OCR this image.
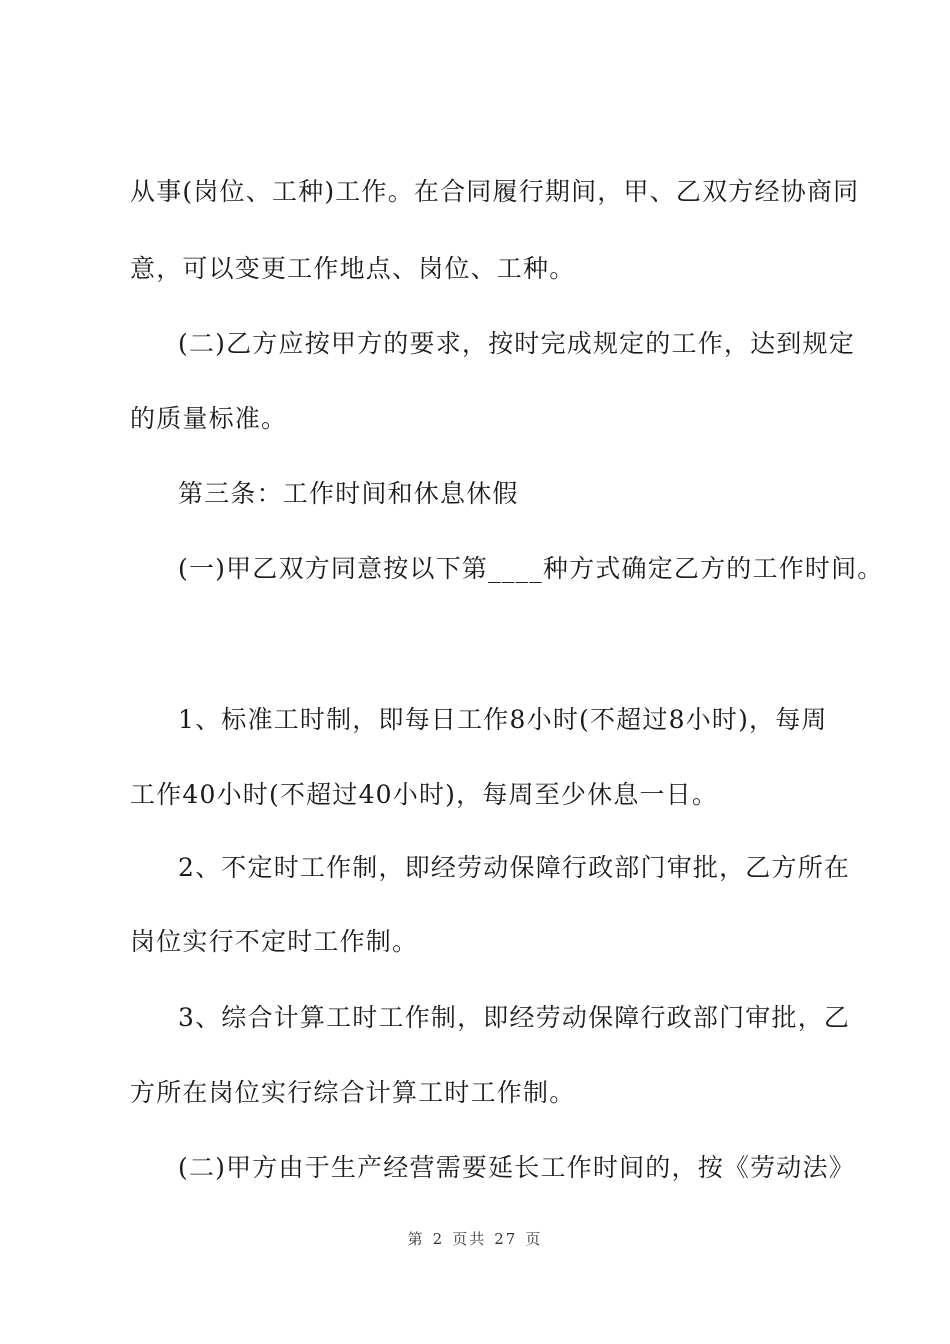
从事(岗位、工种)工作。在合同履行期间，甲、乙双方经协商同
意，可以变更工作地点、岗位、工种。
(二)乙方应按甲方的要求，按时完成规定的工作，达到规定
的质量标准。
第三条：工作时间和休息休假
(一)甲乙双方同意按以下第____种方式确定乙方的工作时间。
1、标准工时制，即每日工作8小时(不超过8小时)，每周
工作40小时(不超过40小时)，每周至少休息一日。
2、不定时工作制，即经劳动保障行政部门审批，乙方所在
岗位实行不定时工作制。
3、综合计算工时工作制，即经劳动保障行政部门审批，乙
方所在岗位实行综合计算工时工作制。
(二)甲方由于生产经营需要延长工作时间的，按《劳动法》
第 2 页共 27 页
